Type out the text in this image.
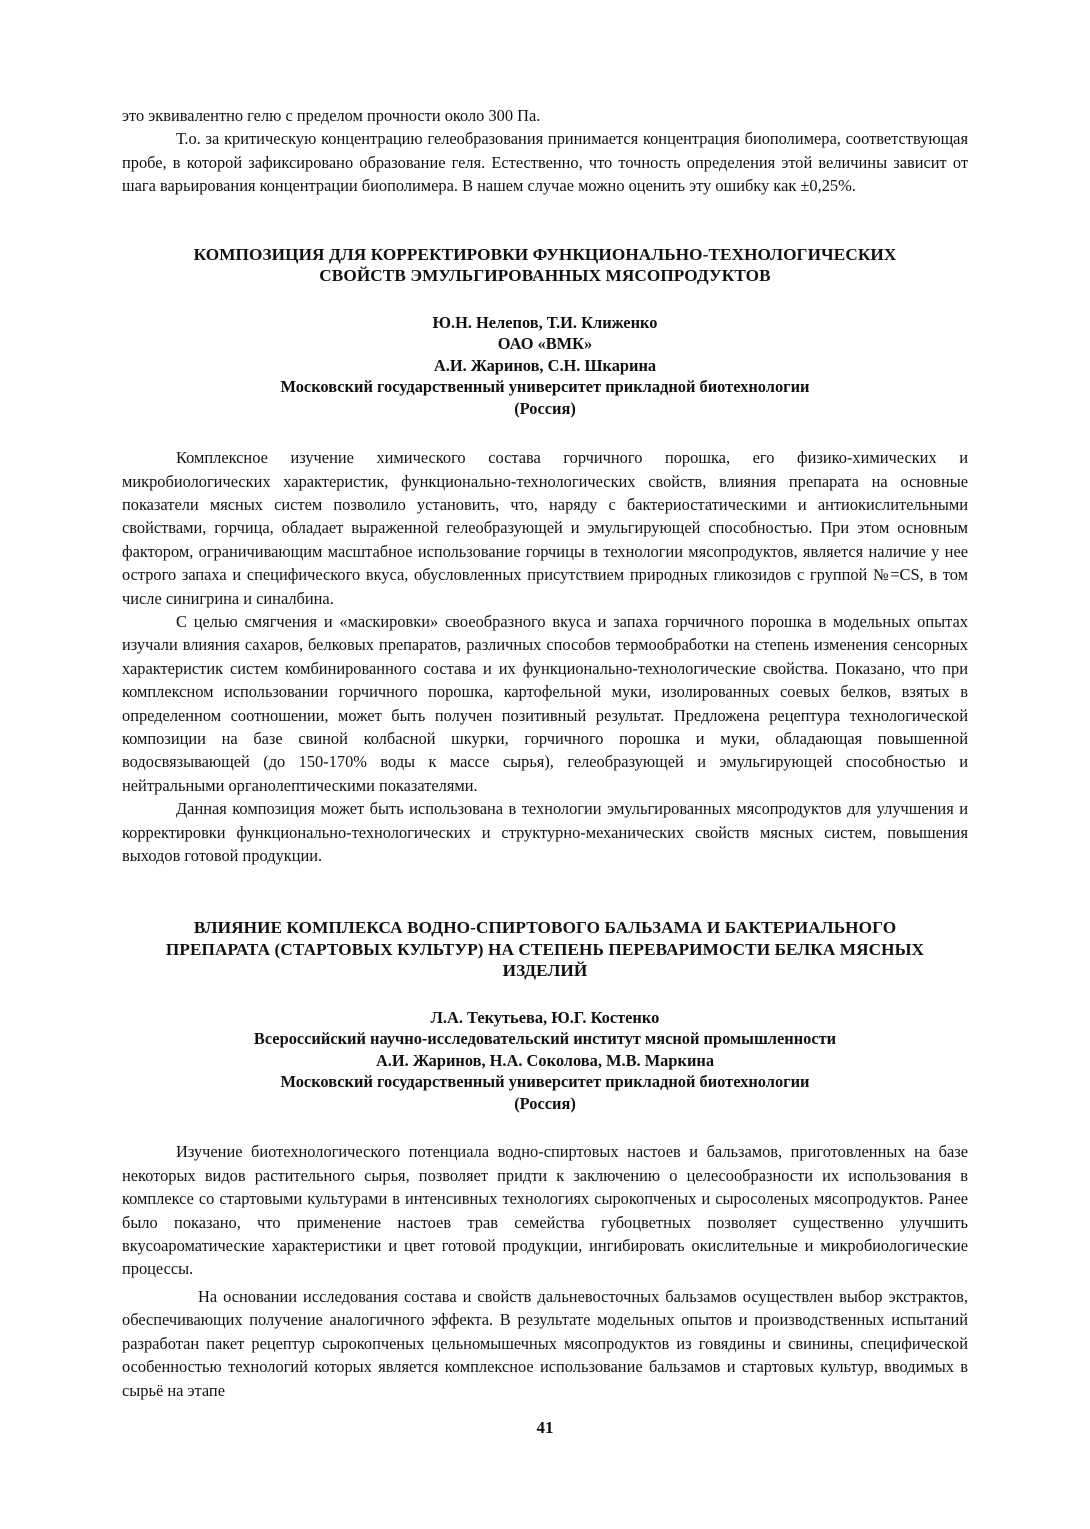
это эквивалентно гелю с пределом прочности около 300 Па.

Т.о. за критическую концентрацию гелеобразования принимается концентрация биополимера, соответствующая пробе, в которой зафиксировано образование геля. Естественно, что точность определения этой величины зависит от шага варьирования концентрации биополимера. В нашем случае можно оценить эту ошибку как ±0,25%.

КОМПОЗИЦИЯ ДЛЯ КОРРЕКТИРОВКИ ФУНКЦИОНАЛЬНО-ТЕХНОЛОГИЧЕСКИХ
СВОЙСТВ ЭМУЛЬГИРОВАННЫХ МЯСОПРОДУКТОВ
Ю.Н. Нелепов, Т.И. Клиженко
ОАО «ВМК»
А.И. Жаринов, С.Н. Шкарина
Московский государственный университет прикладной биотехнологии
(Россия)

Комплексное изучение химического состава горчичного порошка, его физико-химических и микробиологических характеристик, функционально-технологических свойств, влияния препарата на основные показатели мясных систем позволило установить, что, наряду с бактериостатическими и антиокислительными свойствами, горчица, обладает выраженной гелеобразующей и эмульгирующей способностью. При этом основным фактором, ограничивающим масштабное использование горчицы в технологии мясопродуктов, является наличие у нее острого запаха и специфического вкуса, обусловленных присутствием природных гликозидов с группой №=CS, в том числе синигрина и синалбина.

С целью смягчения и «маскировки» своеобразного вкуса и запаха горчичного порошка в модельных опытах изучали влияния сахаров, белковых препаратов, различных способов термообработки на степень изменения сенсорных характеристик систем комбинированного состава и их функционально-технологические свойства. Показано, что при комплексном использовании горчичного порошка, картофельной муки, изолированных соевых белков, взятых в определенном соотношении, может быть получен позитивный результат. Предложена рецептура технологической композиции на базе свиной колбасной шкурки, горчичного порошка и муки, обладающая повышенной водосвязывающей (до 150-170% воды к массе сырья), гелеобразующей и эмульгирующей способностью и нейтральными органолептическими показателями.

Данная композиция может быть использована в технологии эмульгированных мясопродуктов для улучшения и корректировки функционально-технологических и структурно-механических свойств мясных систем, повышения выходов готовой продукции.

ВЛИЯНИЕ КОМПЛЕКСА ВОДНО-СПИРТОВОГО БАЛЬЗАМА И БАКТЕРИАЛЬНОГО
ПРЕПАРАТА (СТАРТОВЫХ КУЛЬТУР) НА СТЕПЕНЬ ПЕРЕВАРИМОСТИ БЕЛКА МЯСНЫХ
ИЗДЕЛИЙ
Л.А. Текутьева, Ю.Г. Костенко
Всероссийский научно-исследовательский институт мясной промышленности
А.И. Жаринов, Н.А. Соколова, М.В. Маркина
Московский государственный университет прикладной биотехнологии
(Россия)

Изучение биотехнологического потенциала водно-спиртовых настоев и бальзамов, приготовленных на базе некоторых видов растительного сырья, позволяет придти к заключению о целесообразности их использования в комплексе со стартовыми культурами в интенсивных технологиях сырокопченых и сыросоленых мясопродуктов. Ранее было показано, что применение настоев трав семейства губоцветных позволяет существенно улучшить вкусоароматические характеристики и цвет готовой продукции, ингибировать окислительные и микробиологические процессы.

На основании исследования состава и свойств дальневосточных бальзамов осуществлен выбор экстрактов, обеспечивающих получение аналогичного эффекта. В результате модельных опытов и производственных испытаний разработан пакет рецептур сырокопченых цельномышечных мясопродуктов из говядины и свинины, специфической особенностью технологий которых является комплексное использование бальзамов и стартовых культур, вводимых в сырьё на этапе

41
